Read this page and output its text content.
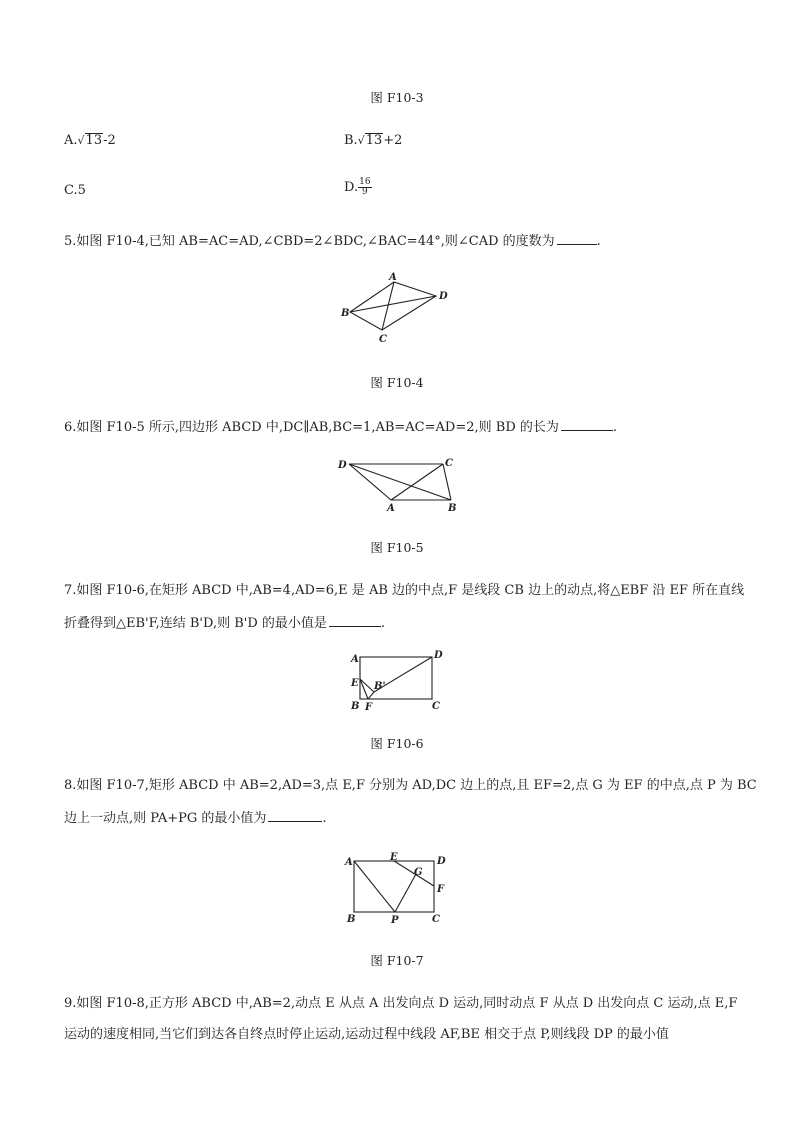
图 F10-3
A.√13-2	B.√13+2
C.5	D. $\frac{16}{9}$
5.如图 F10-4,已知 AB=AC=AD,∠CBD=2∠BDC,∠BAC=44°,则∠CAD 的度数为	.
A
B
C
D
图 F10-4
6.如图 F10-5 所示,四边形 ABCD 中,DC∥AB,BC=1,AB=AC=AD=2,则 BD 的长为	.
D	C
A	B
图 F10-5
7.如图 F10-6,在矩形 ABCD 中,AB=4,AD=6,E 是 AB 边的中点,F 是线段 CB 边上的动点,将△EBF 沿 EF 所在直线
折叠得到△EB'F,连结 B'D,则 B'D 的最小值是	.
A	D
E B'
B F	C
图 F10-6
8.如图 F10-7,矩形 ABCD 中 AB=2,AD=3,点 E,F 分别为 AD,DC 边上的点,且 EF=2,点 G 为 EF 的中点,点 P 为 BC
边上一动点,则 PA+PG 的最小值为	.
A	E	D
G
F
B	P	C
图 F10-7
9.如图 F10-8,正方形 ABCD 中,AB=2,动点 E 从点 A 出发向点 D 运动,同时动点 F 从点 D 出发向点 C 运动,点 E,F
运动的速度相同,当它们到达各自终点时停止运动,运动过程中线段 AF,BE 相交于点 P,则线段 DP 的最小值
